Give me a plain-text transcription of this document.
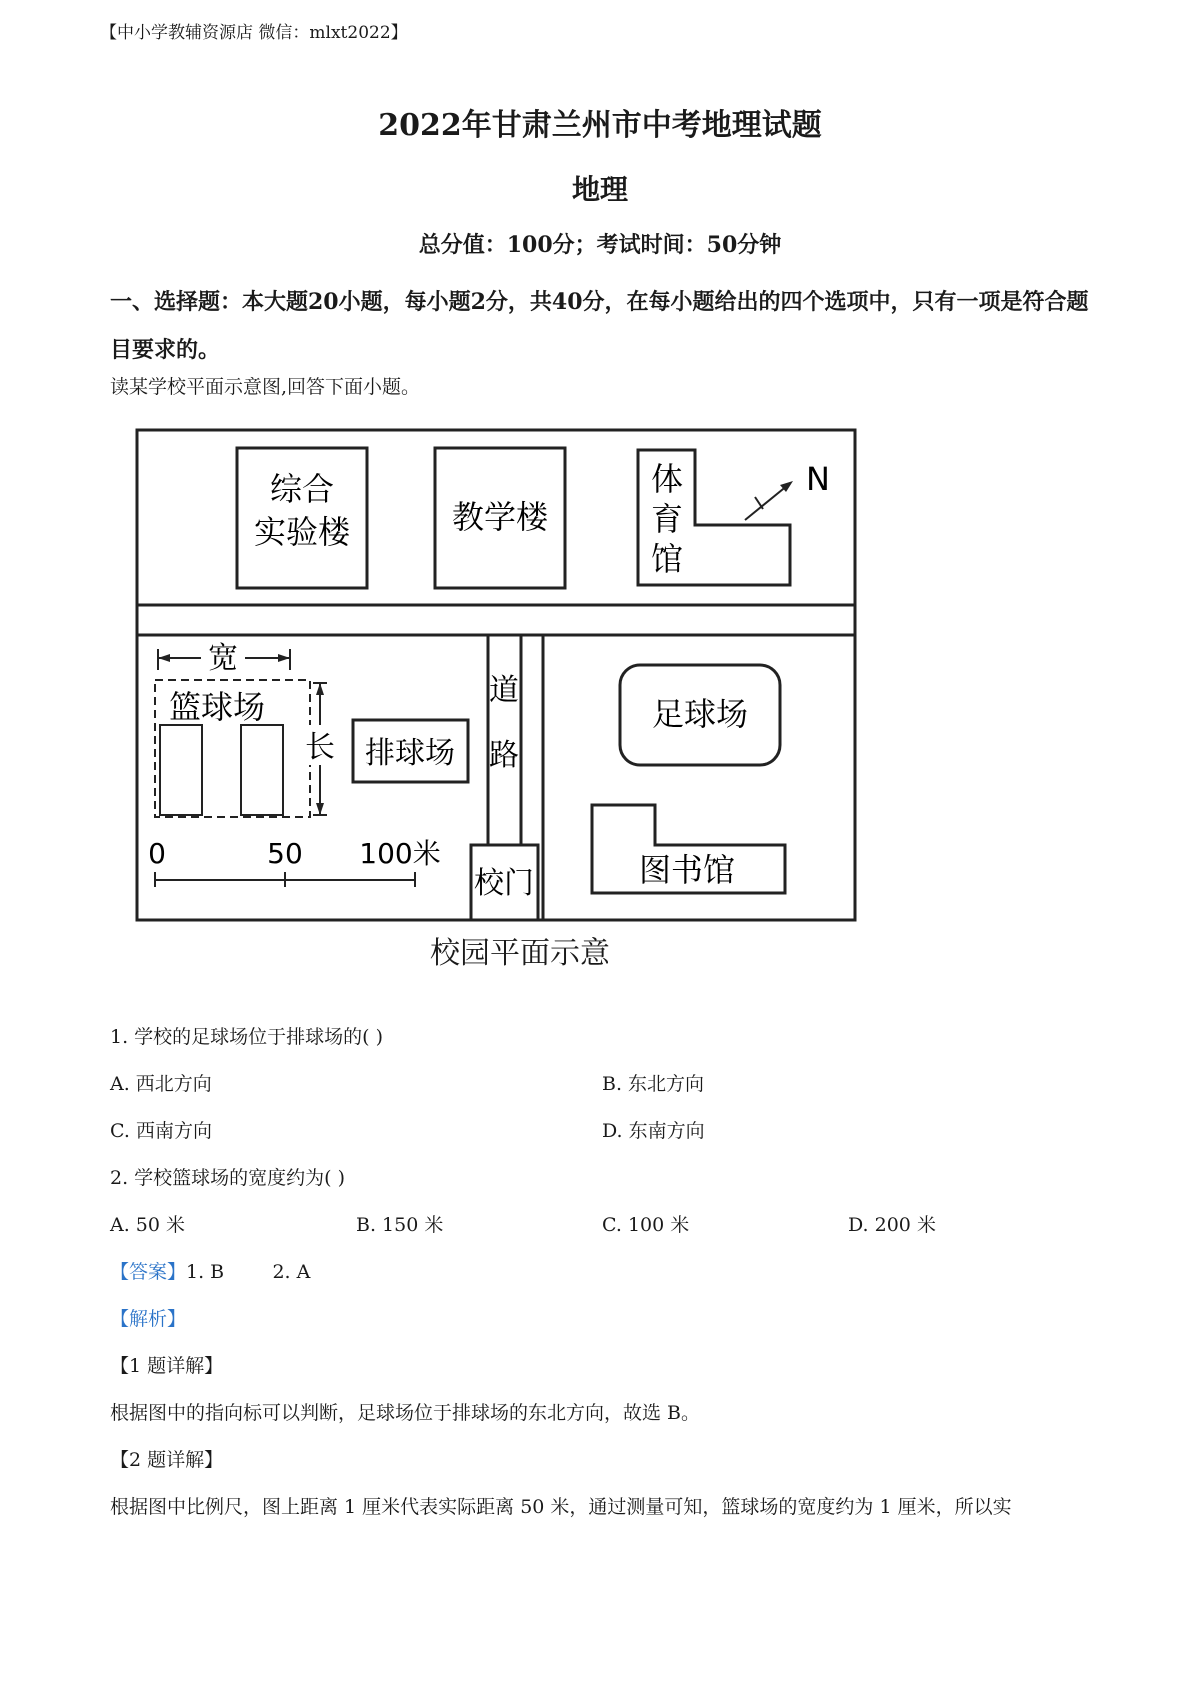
【中小学教辅资源店 微信：mlxt2022】
2022年甘肃兰州市中考地理试题
地理
总分值：100分；考试时间：50分钟
一、选择题：本大题20小题，每小题2分，共40分，在每小题给出的四个选项中，只有一项是符合题目要求的。
读某学校平面示意图,回答下面小题。
道
路
综合
实验楼	教学楼
体
育
馆
N
篮球场
宽
长 排球场
0	50 100米
校门
足球场
图书馆
校园平面示意
1. 学校的足球场位于排球场的( )
A. 西北方向	B. 东北方向
C. 西南方向	D. 东南方向
2. 学校篮球场的宽度约为( )
A. 50 米	B. 150 米	C. 100 米	D. 200 米
【答案】1. B        2. A
【解析】
【1 题详解】
根据图中的指向标可以判断，足球场位于排球场的东北方向，故选 B。
【2 题详解】
根据图中比例尺，图上距离 1 厘米代表实际距离 50 米，通过测量可知，篮球场的宽度约为 1 厘米，所以实
